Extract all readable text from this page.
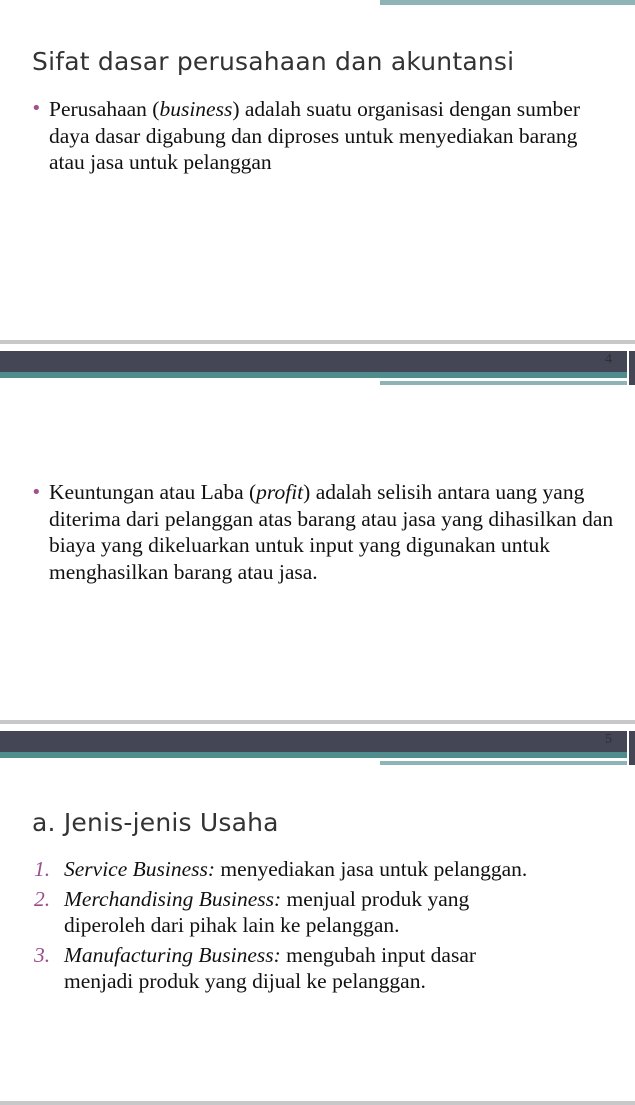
Sifat dasar perusahaan dan akuntansi
• Perusahaan (business) adalah suatu organisasi dengan sumber daya dasar digabung dan diproses untuk menyediakan barang atau jasa untuk pelanggan

4
• Keuntungan atau Laba (profit) adalah selisih antara uang yang diterima dari pelanggan atas barang atau jasa yang dihasilkan dan biaya yang dikeluarkan untuk input yang digunakan untuk menghasilkan barang atau jasa.

5
a. Jenis-jenis Usaha
1. Service Business: menyediakan jasa untuk pelanggan.

2. Merchandising Business: menjual produk yang diperoleh dari pihak lain ke pelanggan.

3. Manufacturing Business: mengubah input dasar menjadi produk yang dijual ke pelanggan.
